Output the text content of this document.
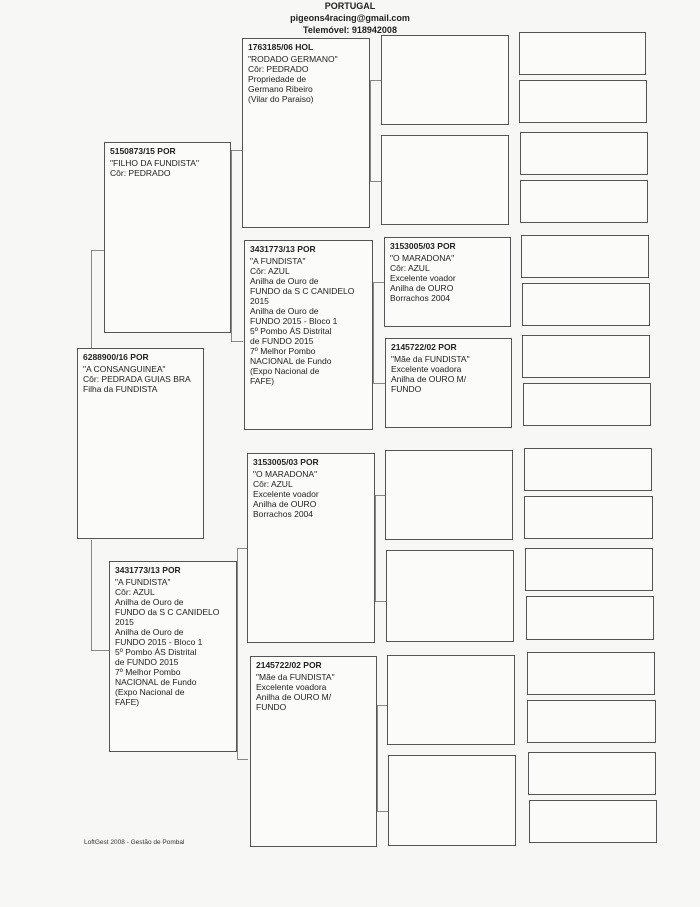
PORTUGAL
pigeons4racing@gmail.com
Telemóvel: 918942008
6288900/16 POR
"A CONSANGUINEA"
Côr: PEDRADA GUIAS BRA
Filha da FUNDISTA
5150873/15 POR
"FILHO DA FUNDISTA"
Côr: PEDRADO
3431773/13 POR
"A FUNDISTA"
Côr: AZUL
Anilha de Ouro de
FUNDO da S C CANIDELO
2015
Anilha de Ouro de
FUNDO 2015 - Bloco 1
5º Pombo ÁS Distrital
de FUNDO 2015
7º Melhor Pombo
NACIONAL de Fundo
(Expo Nacional de
FAFE)
1763185/06 HOL
"RODADO GERMANO"
Côr: PEDRADO
Propriedade de
Germano Ribeiro
(Vilar do Paraiso)
3431773/13 POR
"A FUNDISTA"
Côr: AZUL
Anilha de Ouro de
FUNDO da S C CANIDELO
2015
Anilha de Ouro de
FUNDO 2015 - Bloco 1
5º Pombo ÁS Distrital
de FUNDO 2015
7º Melhor Pombo
NACIONAL de Fundo
(Expo Nacional de
FAFE)
3153005/03 POR
"O MARADONA"
Côr: AZUL
Excelente voador
Anilha de OURO
Borrachos 2004
2145722/02 POR
"Mãe da FUNDISTA"
Excelente voadora
Anilha de OURO M/
FUNDO
3153005/03 POR
"O MARADONA"
Côr: AZUL
Excelente voador
Anilha de OURO
Borrachos 2004
2145722/02 POR
"Mãe da FUNDISTA"
Excelente voadora
Anilha de OURO M/
FUNDO
LoftGest 2008 - Gestão de Pombal
